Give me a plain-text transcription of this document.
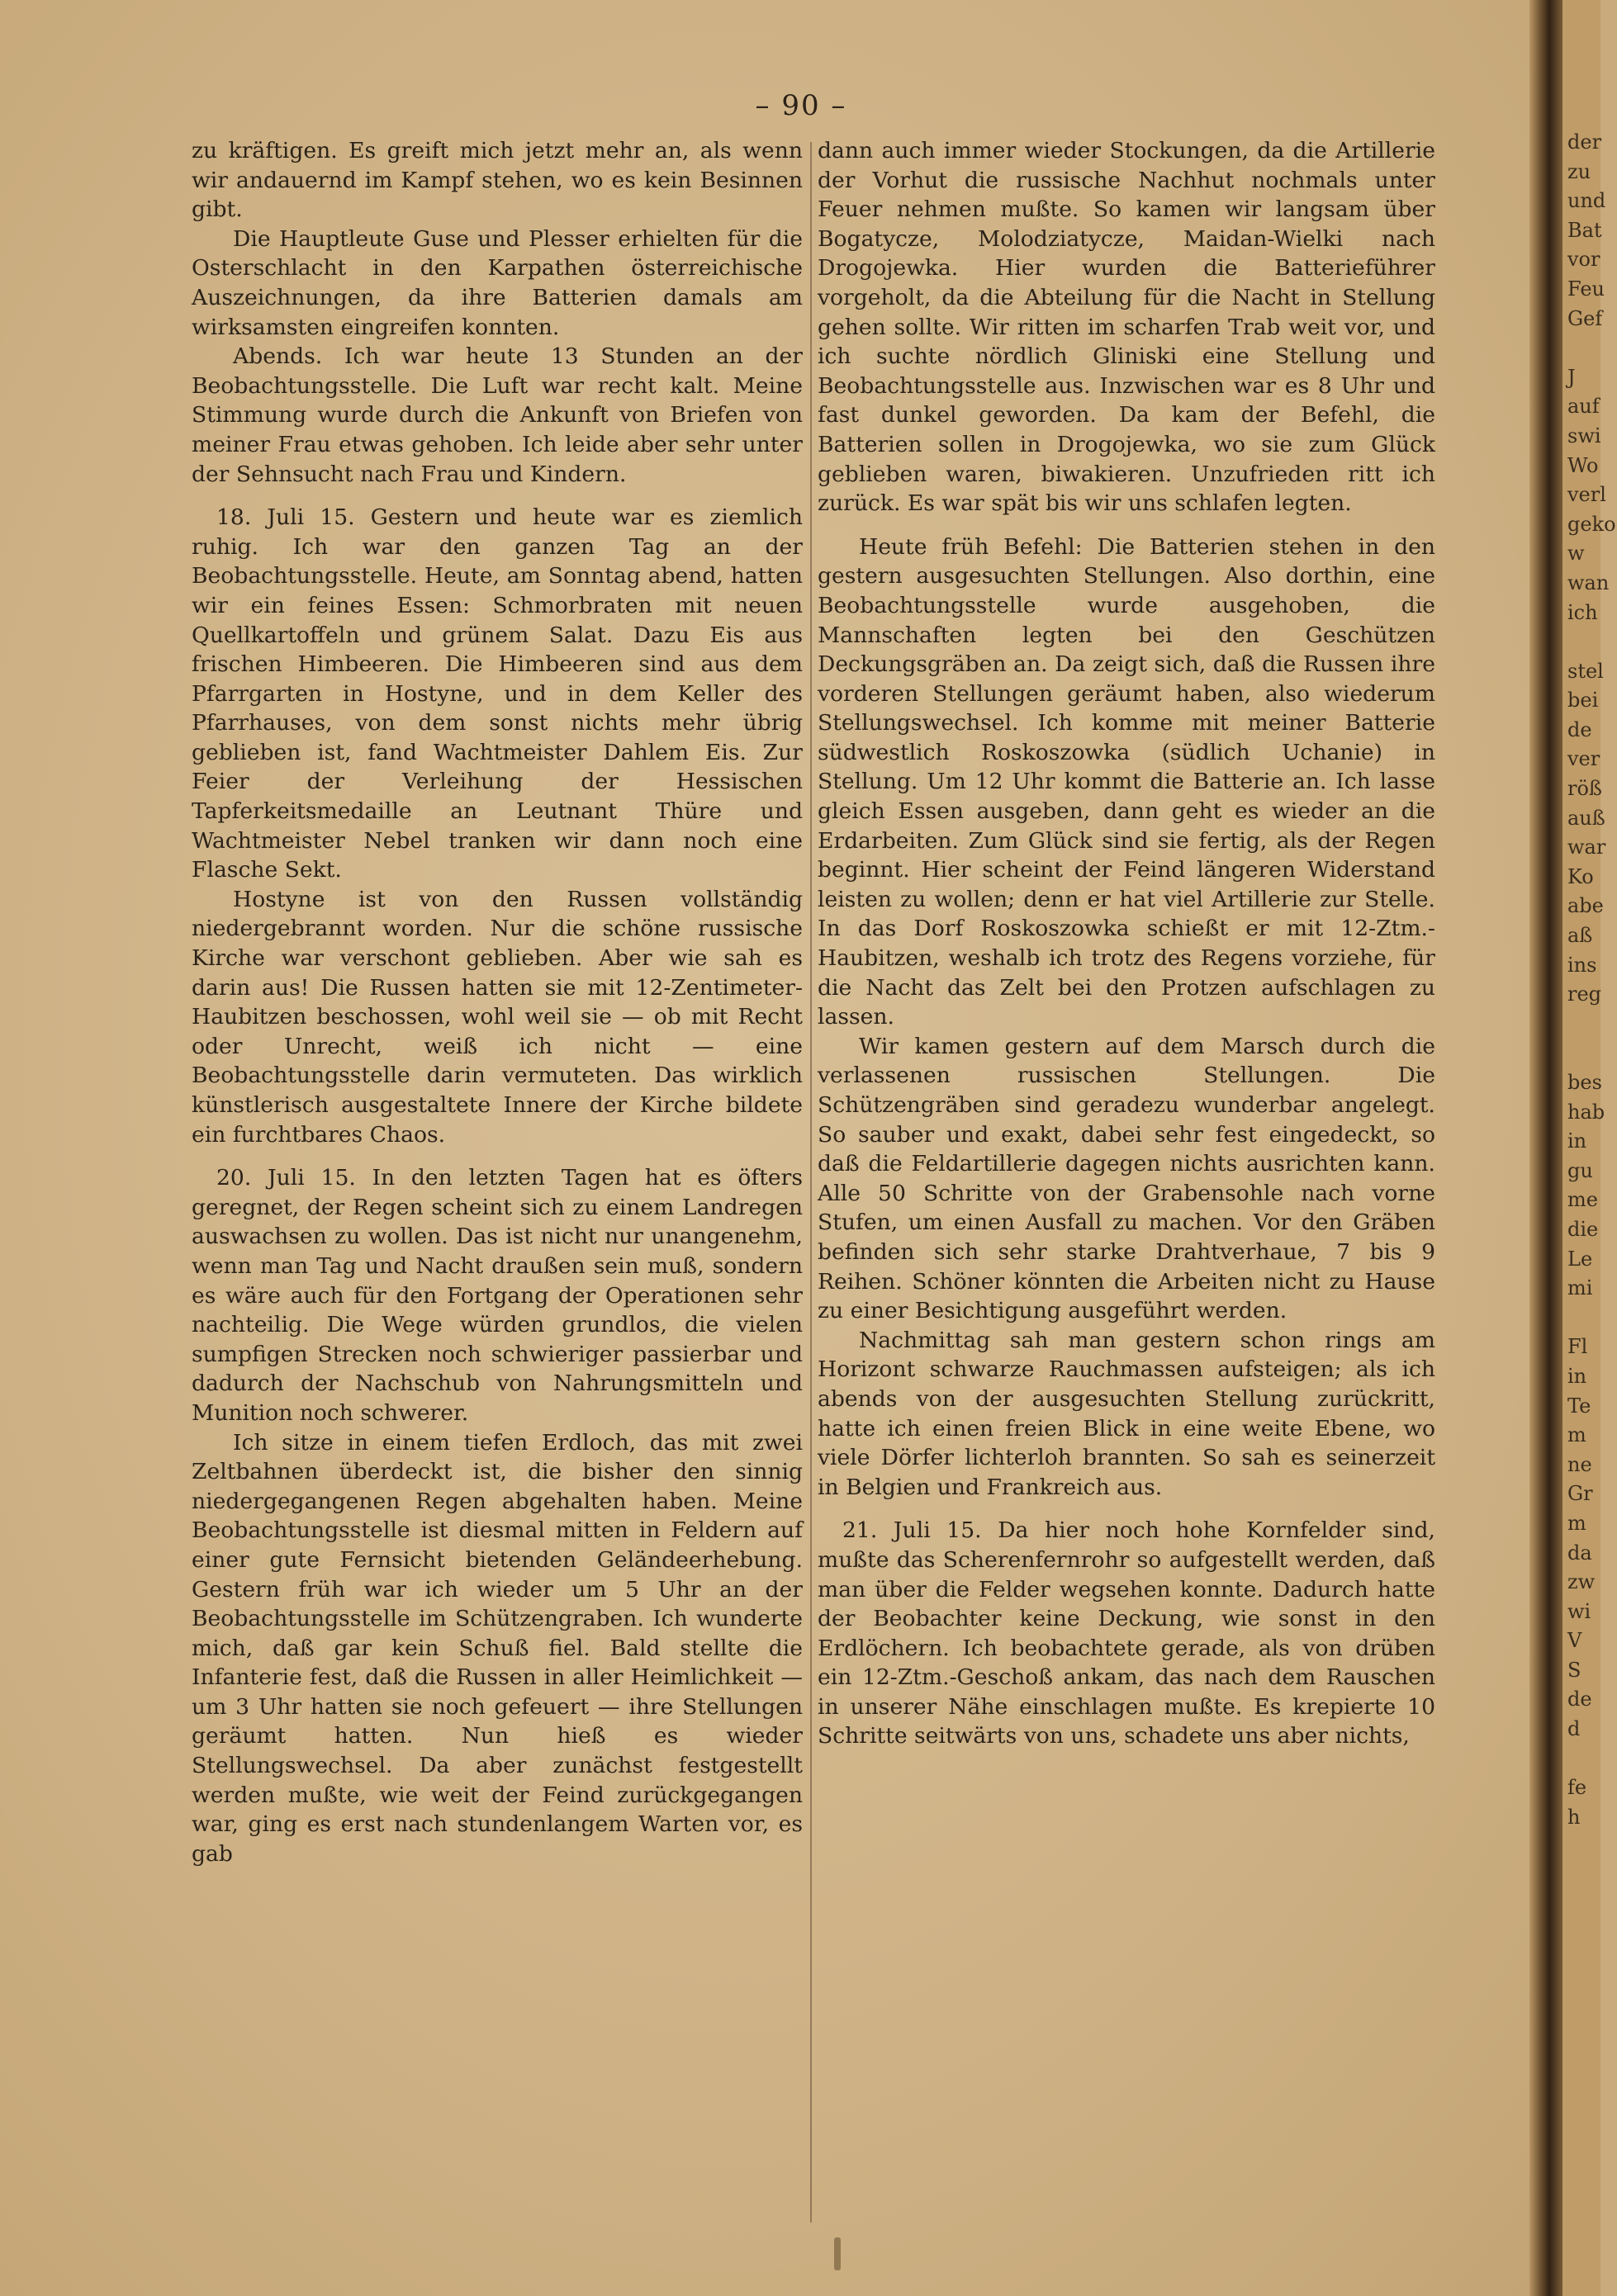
– 90 –

zu kräftigen. Es greift mich jetzt mehr an, als wenn wir andauernd im Kampf stehen, wo es kein Besinnen gibt.

Die Hauptleute Guse und Plesser erhielten für die Osterschlacht in den Karpathen österreichische Auszeichnungen, da ihre Batterien damals am wirksamsten eingreifen konnten.

Abends. Ich war heute 13 Stunden an der Beobachtungsstelle. Die Luft war recht kalt. Meine Stimmung wurde durch die Ankunft von Briefen von meiner Frau etwas gehoben. Ich leide aber sehr unter der Sehnsucht nach Frau und Kindern.

18. Juli 15. Gestern und heute war es ziemlich ruhig. Ich war den ganzen Tag an der Beobachtungsstelle. Heute, am Sonntag abend, hatten wir ein feines Essen: Schmorbraten mit neuen Quellkartoffeln und grünem Salat. Dazu Eis aus frischen Himbeeren. Die Himbeeren sind aus dem Pfarrgarten in Hostyne, und in dem Keller des Pfarrhauses, von dem sonst nichts mehr übrig geblieben ist, fand Wachtmeister Dahlem Eis. Zur Feier der Verleihung der Hessischen Tapferkeitsmedaille an Leutnant Thüre und Wachtmeister Nebel tranken wir dann noch eine Flasche Sekt.

Hostyne ist von den Russen vollständig niedergebrannt worden. Nur die schöne russische Kirche war verschont geblieben. Aber wie sah es darin aus! Die Russen hatten sie mit 12-Zentimeter-Haubitzen beschossen, wohl weil sie — ob mit Recht oder Unrecht, weiß ich nicht — eine Beobachtungsstelle darin vermuteten. Das wirklich künstlerisch ausgestaltete Innere der Kirche bildete ein furchtbares Chaos.

20. Juli 15. In den letzten Tagen hat es öfters geregnet, der Regen scheint sich zu einem Landregen auswachsen zu wollen. Das ist nicht nur unangenehm, wenn man Tag und Nacht draußen sein muß, sondern es wäre auch für den Fortgang der Operationen sehr nachteilig. Die Wege würden grundlos, die vielen sumpfigen Strecken noch schwieriger passierbar und dadurch der Nachschub von Nahrungsmitteln und Munition noch schwerer.

Ich sitze in einem tiefen Erdloch, das mit zwei Zeltbahnen überdeckt ist, die bisher den sinnig niedergegangenen Regen abgehalten haben. Meine Beobachtungsstelle ist diesmal mitten in Feldern auf einer gute Fernsicht bietenden Geländeerhebung. Gestern früh war ich wieder um 5 Uhr an der Beobachtungsstelle im Schützengraben. Ich wunderte mich, daß gar kein Schuß fiel. Bald stellte die Infanterie fest, daß die Russen in aller Heimlichkeit — um 3 Uhr hatten sie noch gefeuert — ihre Stellungen geräumt hatten. Nun hieß es wieder Stellungswechsel. Da aber zunächst festgestellt werden mußte, wie weit der Feind zurückgegangen war, ging es erst nach stundenlangem Warten vor, es gab

dann auch immer wieder Stockungen, da die Artillerie der Vorhut die russische Nachhut nochmals unter Feuer nehmen mußte. So kamen wir langsam über Bogatycze, Molodziatycze, Maidan-Wielki nach Drogojewka. Hier wurden die Batterieführer vorgeholt, da die Abteilung für die Nacht in Stellung gehen sollte. Wir ritten im scharfen Trab weit vor, und ich suchte nördlich Gliniski eine Stellung und Beobachtungsstelle aus. Inzwischen war es 8 Uhr und fast dunkel geworden. Da kam der Befehl, die Batterien sollen in Drogojewka, wo sie zum Glück geblieben waren, biwakieren. Unzufrieden ritt ich zurück. Es war spät bis wir uns schlafen legten.

Heute früh Befehl: Die Batterien stehen in den gestern ausgesuchten Stellungen. Also dorthin, eine Beobachtungsstelle wurde ausgehoben, die Mannschaften legten bei den Geschützen Deckungsgräben an. Da zeigt sich, daß die Russen ihre vorderen Stellungen geräumt haben, also wiederum Stellungswechsel. Ich komme mit meiner Batterie südwestlich Roskoszowka (südlich Uchanie) in Stellung. Um 12 Uhr kommt die Batterie an. Ich lasse gleich Essen ausgeben, dann geht es wieder an die Erdarbeiten. Zum Glück sind sie fertig, als der Regen beginnt. Hier scheint der Feind längeren Widerstand leisten zu wollen; denn er hat viel Artillerie zur Stelle. In das Dorf Roskoszowka schießt er mit 12-Ztm.-Haubitzen, weshalb ich trotz des Regens vorziehe, für die Nacht das Zelt bei den Protzen aufschlagen zu lassen.

Wir kamen gestern auf dem Marsch durch die verlassenen russischen Stellungen. Die Schützengräben sind geradezu wunderbar angelegt. So sauber und exakt, dabei sehr fest eingedeckt, so daß die Feldartillerie dagegen nichts ausrichten kann. Alle 50 Schritte von der Grabensohle nach vorne Stufen, um einen Ausfall zu machen. Vor den Gräben befinden sich sehr starke Drahtverhaue, 7 bis 9 Reihen. Schöner könnten die Arbeiten nicht zu Hause zu einer Besichtigung ausgeführt werden.

Nachmittag sah man gestern schon rings am Horizont schwarze Rauchmassen aufsteigen; als ich abends von der ausgesuchten Stellung zurückritt, hatte ich einen freien Blick in eine weite Ebene, wo viele Dörfer lichterloh brannten. So sah es seinerzeit in Belgien und Frankreich aus.

21. Juli 15. Da hier noch hohe Kornfelder sind, mußte das Scherenfernrohr so aufgestellt werden, daß man über die Felder wegsehen konnte. Dadurch hatte der Beobachter keine Deckung, wie sonst in den Erdlöchern. Ich beobachtete gerade, als von drüben ein 12-Ztm.-Geschoß ankam, das nach dem Rauschen in unserer Nähe einschlagen mußte. Es krepierte 10 Schritte seitwärts von uns, schadete uns aber nichts,

der
zu
und
Bat
vor
Feu
Gef
J
auf
swi
Wo
verl
geko
w
wan
ich
stel
bei
de
ver
röß
auß
war
Ko
abe
aß
ins
reg
bes
hab
in
gu
me
die
Le
mi
Fl
in
Te
m
ne
Gr
m
da
zw
wi
V
S
de
d
fe
h
